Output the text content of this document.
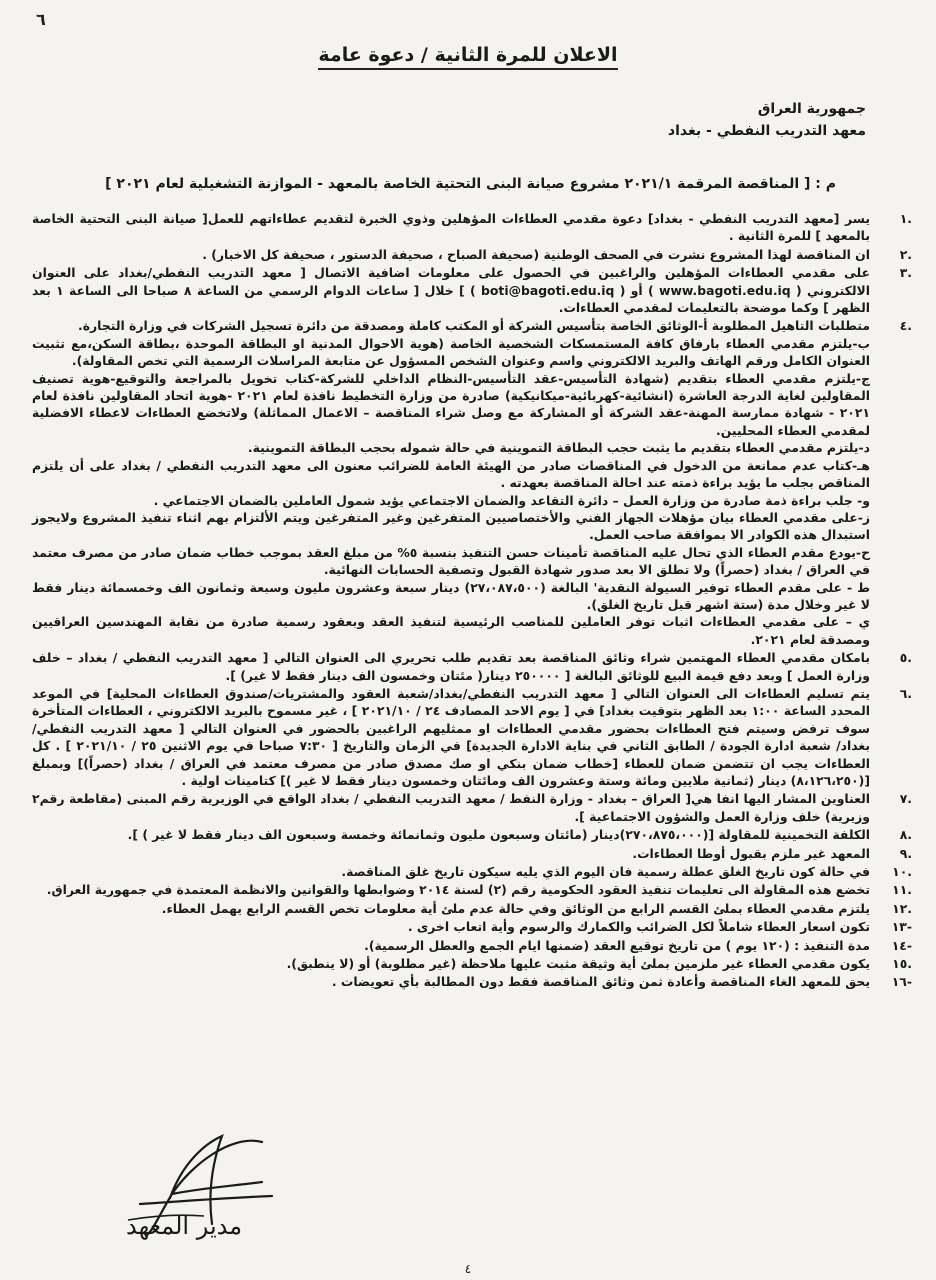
٦
الاعلان للمرة الثانية / دعوة عامة
جمهورية العراق
معهد التدريب النفطي - بغداد
م : [ المناقصة المرقمة ٢٠٢١/١ مشروع صيانة البنى التحتية الخاصة بالمعهد - الموازنة التشغيلية لعام ٢٠٢١ ]
.١
يسر [معهد التدريب النفطي - بغداد] دعوة مقدمي العطاءات المؤهلين وذوي الخبرة لتقديم عطاءاتهم للعمل[ صيانة البنى التحتية الخاصة بالمعهد ] للمرة الثانية .
.٢
ان المناقصة لهذا المشروع نشرت في الصحف الوطنية (صحيفة الصباح ، صحيفة الدستور ، صحيفة كل الاخبار) .
.٣
على مقدمي العطاءات المؤهلين والراغبين في الحصول على معلومات اضافية الاتصال [ معهد التدريب النفطي/بغداد على العنوان الالكتروني ( www.bagoti.edu.iq ) أو ( boti@bagoti.edu.iq ) ] خلال [ ساعات الدوام الرسمي من الساعة ٨ صباحا الى الساعة ١ بعد الظهر ] وكما موضحة بالتعليمات لمقدمي العطاءات.
.٤
متطلبات التاهيل المطلوبة أ-الوثائق الخاصة بتأسيس الشركة أو المكتب كاملة ومصدقة من دائرة تسجيل الشركات في وزارة التجارة.
ب-يلتزم مقدمي العطاء بارفاق كافة المستمسكات الشخصية الخاصة (هوية الاحوال المدنية او البطاقة الموحدة ،بطاقة السكن،مع تثبيت العنوان الكامل ورقم الهاتف والبريد الالكتروني واسم وعنوان الشخص المسؤول عن متابعة المراسلات الرسمية التي تخص المقاولة).
ج-يلتزم مقدمي العطاء بتقديم (شهادة التأسيس-عقد التأسيس-النظام الداخلي للشركة-كتاب تخويل بالمراجعة والتوقيع-هوية تصنيف المقاولين لغاية الدرجة العاشرة (انشائية-كهربائية-ميكانيكية) صادرة من وزارة التخطيط نافذة لعام ٢٠٢١ -هوية اتحاد المقاولين نافذة لعام ٢٠٢١ - شهادة ممارسة المهنة-عقد الشركة أو المشاركة مع وصل شراء المناقصة – الاعمال المماثلة) ولاتخضع العطاءات لاعطاء الافضلية لمقدمي العطاء المحليين.
د-يلتزم مقدمي العطاء بتقديم ما يثبت حجب البطاقة التموينية في حالة شموله بحجب البطاقة التموينية.
هـ-كتاب عدم ممانعة من الدخول في المناقصات صادر من الهيئة العامة للضرائب معنون الى معهد التدريب النفطي / بغداد على أن يلتزم المناقص بجلب ما يؤيد براءة ذمته عند احالة المناقصة بعهدته .
و- جلب براءة ذمة صادرة من وزارة العمل – دائرة التقاعد والضمان الاجتماعي يؤيد شمول العاملين بالضمان الاجتماعي .
ز-على مقدمي العطاء بيان مؤهلات الجهاز الفني والأختصاصيين المتفرغين وغير المتفرغين ويتم الألتزام بهم اثناء تنفيذ المشروع ولايجوز استبدال هذه الكوادر الا بموافقة صاحب العمل.
ح-يودع مقدم العطاء الذي تحال عليه المناقصة تأمينات حسن التنفيذ بنسبة ٥% من مبلغ العقد بموجب خطاب ضمان صادر من مصرف معتمد في العراق / بغداد (حصراً) ولا تطلق الا بعد صدور شهادة القبول وتصفية الحسابات النهائية.
ط - على مقدم العطاء توفير السيولة النقدية' البالغة (٢٧،٠٨٧،٥٠٠) دينار سبعة وعشرون مليون وسبعة وثمانون الف وخمسمائة دينار فقط لا غير وخلال مدة (ستة اشهر قبل تاريخ الغلق).
ي – على مقدمي العطاءات اثبات توفر العاملين للمناصب الرئيسية لتنفيذ العقد وبعقود رسمية صادرة من نقابة المهندسين العراقيين ومصدقة لعام ٢٠٢١.
.٥
بامكان مقدمي العطاء المهتمين شراء وثائق المناقصة بعد تقديم طلب تحريري الى العنوان التالي [ معهد التدريب النفطي / بغداد – خلف وزارة العمل ] وبعد دفع قيمة البيع للوثائق البالغة [ ٢٥٠٠٠٠ دينار( مئتان وخمسون الف دينار فقط لا غير) ].
.٦
يتم تسليم العطاءات الى العنوان التالي [ معهد التدريب النفطي/بغداد/شعبة العقود والمشتريات/صندوق العطاءات المحلية] في الموعد المحدد الساعة ١:٠٠ بعد الظهر بتوقيت بغداد] في [ يوم الاحد المصادف ٢٤ / ٢٠٢١/١٠ ] ، غير مسموح بالبريد الالكتروني ، العطاءات المتأخرة سوف ترفض وسيتم فتح العطاءات بحضور مقدمي العطاءات او ممثليهم الراغبين بالحضور في العنوان التالي [ معهد التدريب النفطي/ بغداد/ شعبة ادارة الجودة / الطابق الثاني في بناية الادارة الجديدة] في الزمان والتاريخ [ ٧:٣٠ صباحا في يوم الاثنين ٢٥ / ٢٠٢١/١٠ ] . كل العطاءات يجب ان تتضمن ضمان للعطاء [خطاب ضمان بنكي او صك مصدق صادر من مصرف معتمد في العراق / بغداد (حصراً)] وبمبلغ [(٨،١٢٦،٢٥٠) دينار (ثمانية ملايين ومائة وستة وعشرون الف ومائتان وخمسون دينار فقط لا غير )] كتامينات اولية .
.٧
العناوين المشار اليها انفا هي[ العراق – بغداد - وزارة النفط / معهد التدريب النفطي / بغداد الواقع في الوزيرية رقم المبنى (مقاطعة رقم٢ وزيرية) خلف وزارة العمل والشؤون الاجتماعية ].
.٨
الكلفة التخمينية للمقاولة [(٢٧٠،٨٧٥،٠٠٠)دينار (مائتان وسبعون مليون وثمانمائة وخمسة وسبعون الف دينار فقط لا غير ) ].
.٩
المعهد غير ملزم بقبول أوطا العطاءات.
.١٠
في حالة كون تاريخ الغلق عطلة رسمية فان اليوم الذي يليه سيكون تاريخ غلق المناقصة.
.١١
تخضع هذه المقاولة الى تعليمات تنفيذ العقود الحكومية رقم (٢) لسنة ٢٠١٤ وضوابطها والقوانين والانظمة المعتمدة في جمهورية العراق.
.١٢
يلتزم مقدمي العطاء بملئ القسم الرابع من الوثائق وفي حالة عدم ملئ أية معلومات تخص القسم الرابع يهمل العطاء.
-١٣
تكون اسعار العطاء شاملاً لكل الضرائب والكمارك والرسوم وأية اتعاب اخرى .
-١٤
مدة التنفيذ : (١٢٠ يوم ) من تاريخ توقيع العقد (ضمنها ايام الجمع والعطل الرسمية).
.١٥
يكون مقدمي العطاء غير ملزمين بملئ أية وثيقة مثبت عليها ملاحظة (غير مطلوبة) أو (لا ينطبق).
-١٦
يحق للمعهد الغاء المناقصة وأعادة ثمن وثائق المناقصة فقط دون المطالبة بأي تعويضات .
مدير المعهد
٤
